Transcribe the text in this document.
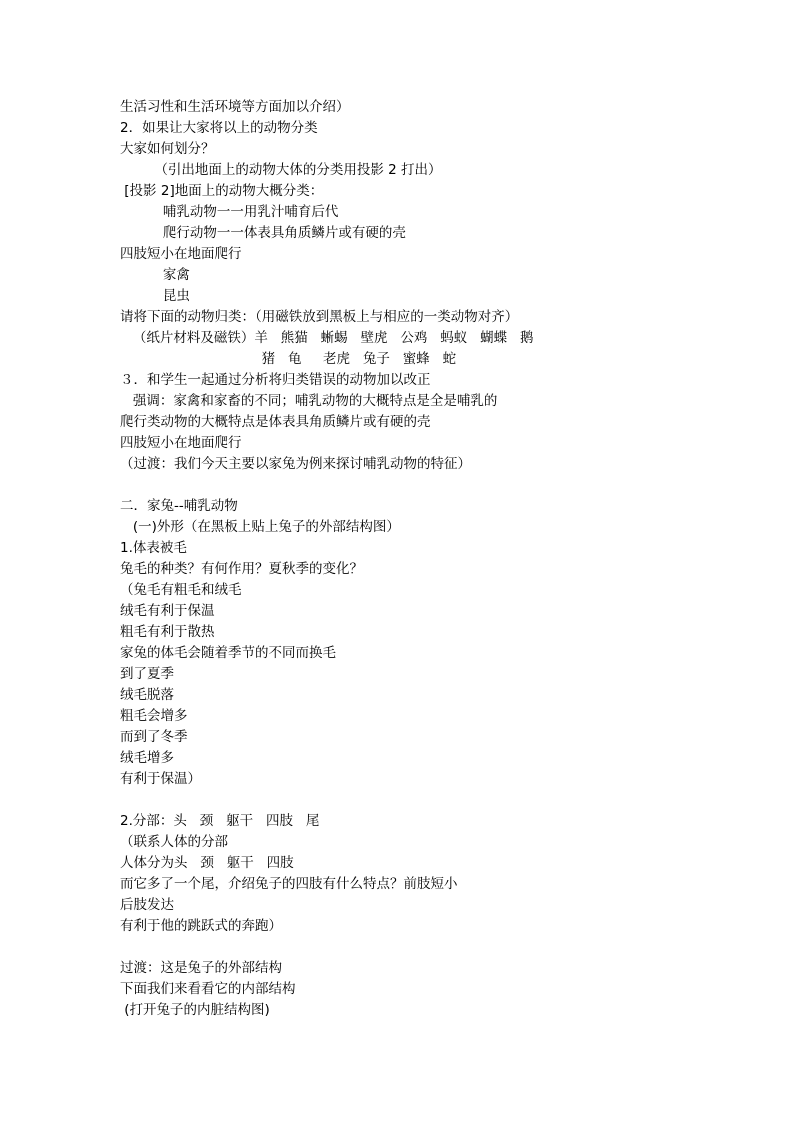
生活习性和生活环境等方面加以介绍）
2．如果让大家将以上的动物分类
大家如何划分？
（引出地面上的动物大体的分类用投影 2 打出）
[投影 2]地面上的动物大概分类：
哺乳动物一一用乳汁哺育后代
爬行动物一一体表具角质鳞片或有硬的壳
四肢短小在地面爬行
家禽
昆虫
请将下面的动物归类：（用磁铁放到黑板上与相应的一类动物对齐）
（纸片材料及磁铁）羊   熊猫   蜥蜴   壁虎   公鸡   蚂蚁   蝴蝶   鹅
猪   龟     老虎   兔子   蜜蜂   蛇
３．和学生一起通过分析将归类错误的动物加以改正
强调：家禽和家畜的不同；哺乳动物的大概特点是全是哺乳的
爬行类动物的大概特点是体表具角质鳞片或有硬的壳
四肢短小在地面爬行
（过渡：我们今天主要以家兔为例来探讨哺乳动物的特征）
二．家兔--哺乳动物
(一)外形（在黑板上贴上兔子的外部结构图）
1.体表被毛
兔毛的种类？有何作用？夏秋季的变化？
（兔毛有粗毛和绒毛
绒毛有利于保温
粗毛有利于散热
家兔的体毛会随着季节的不同而换毛
到了夏季
绒毛脱落
粗毛会增多
而到了冬季
绒毛增多
有利于保温）
2.分部：头   颈   躯干   四肢   尾
（联系人体的分部
人体分为头   颈   躯干   四肢
而它多了一个尾，介绍兔子的四肢有什么特点？前肢短小
后肢发达
有利于他的跳跃式的奔跑）
过渡：这是兔子的外部结构
下面我们来看看它的内部结构
(打开兔子的内脏结构图)
